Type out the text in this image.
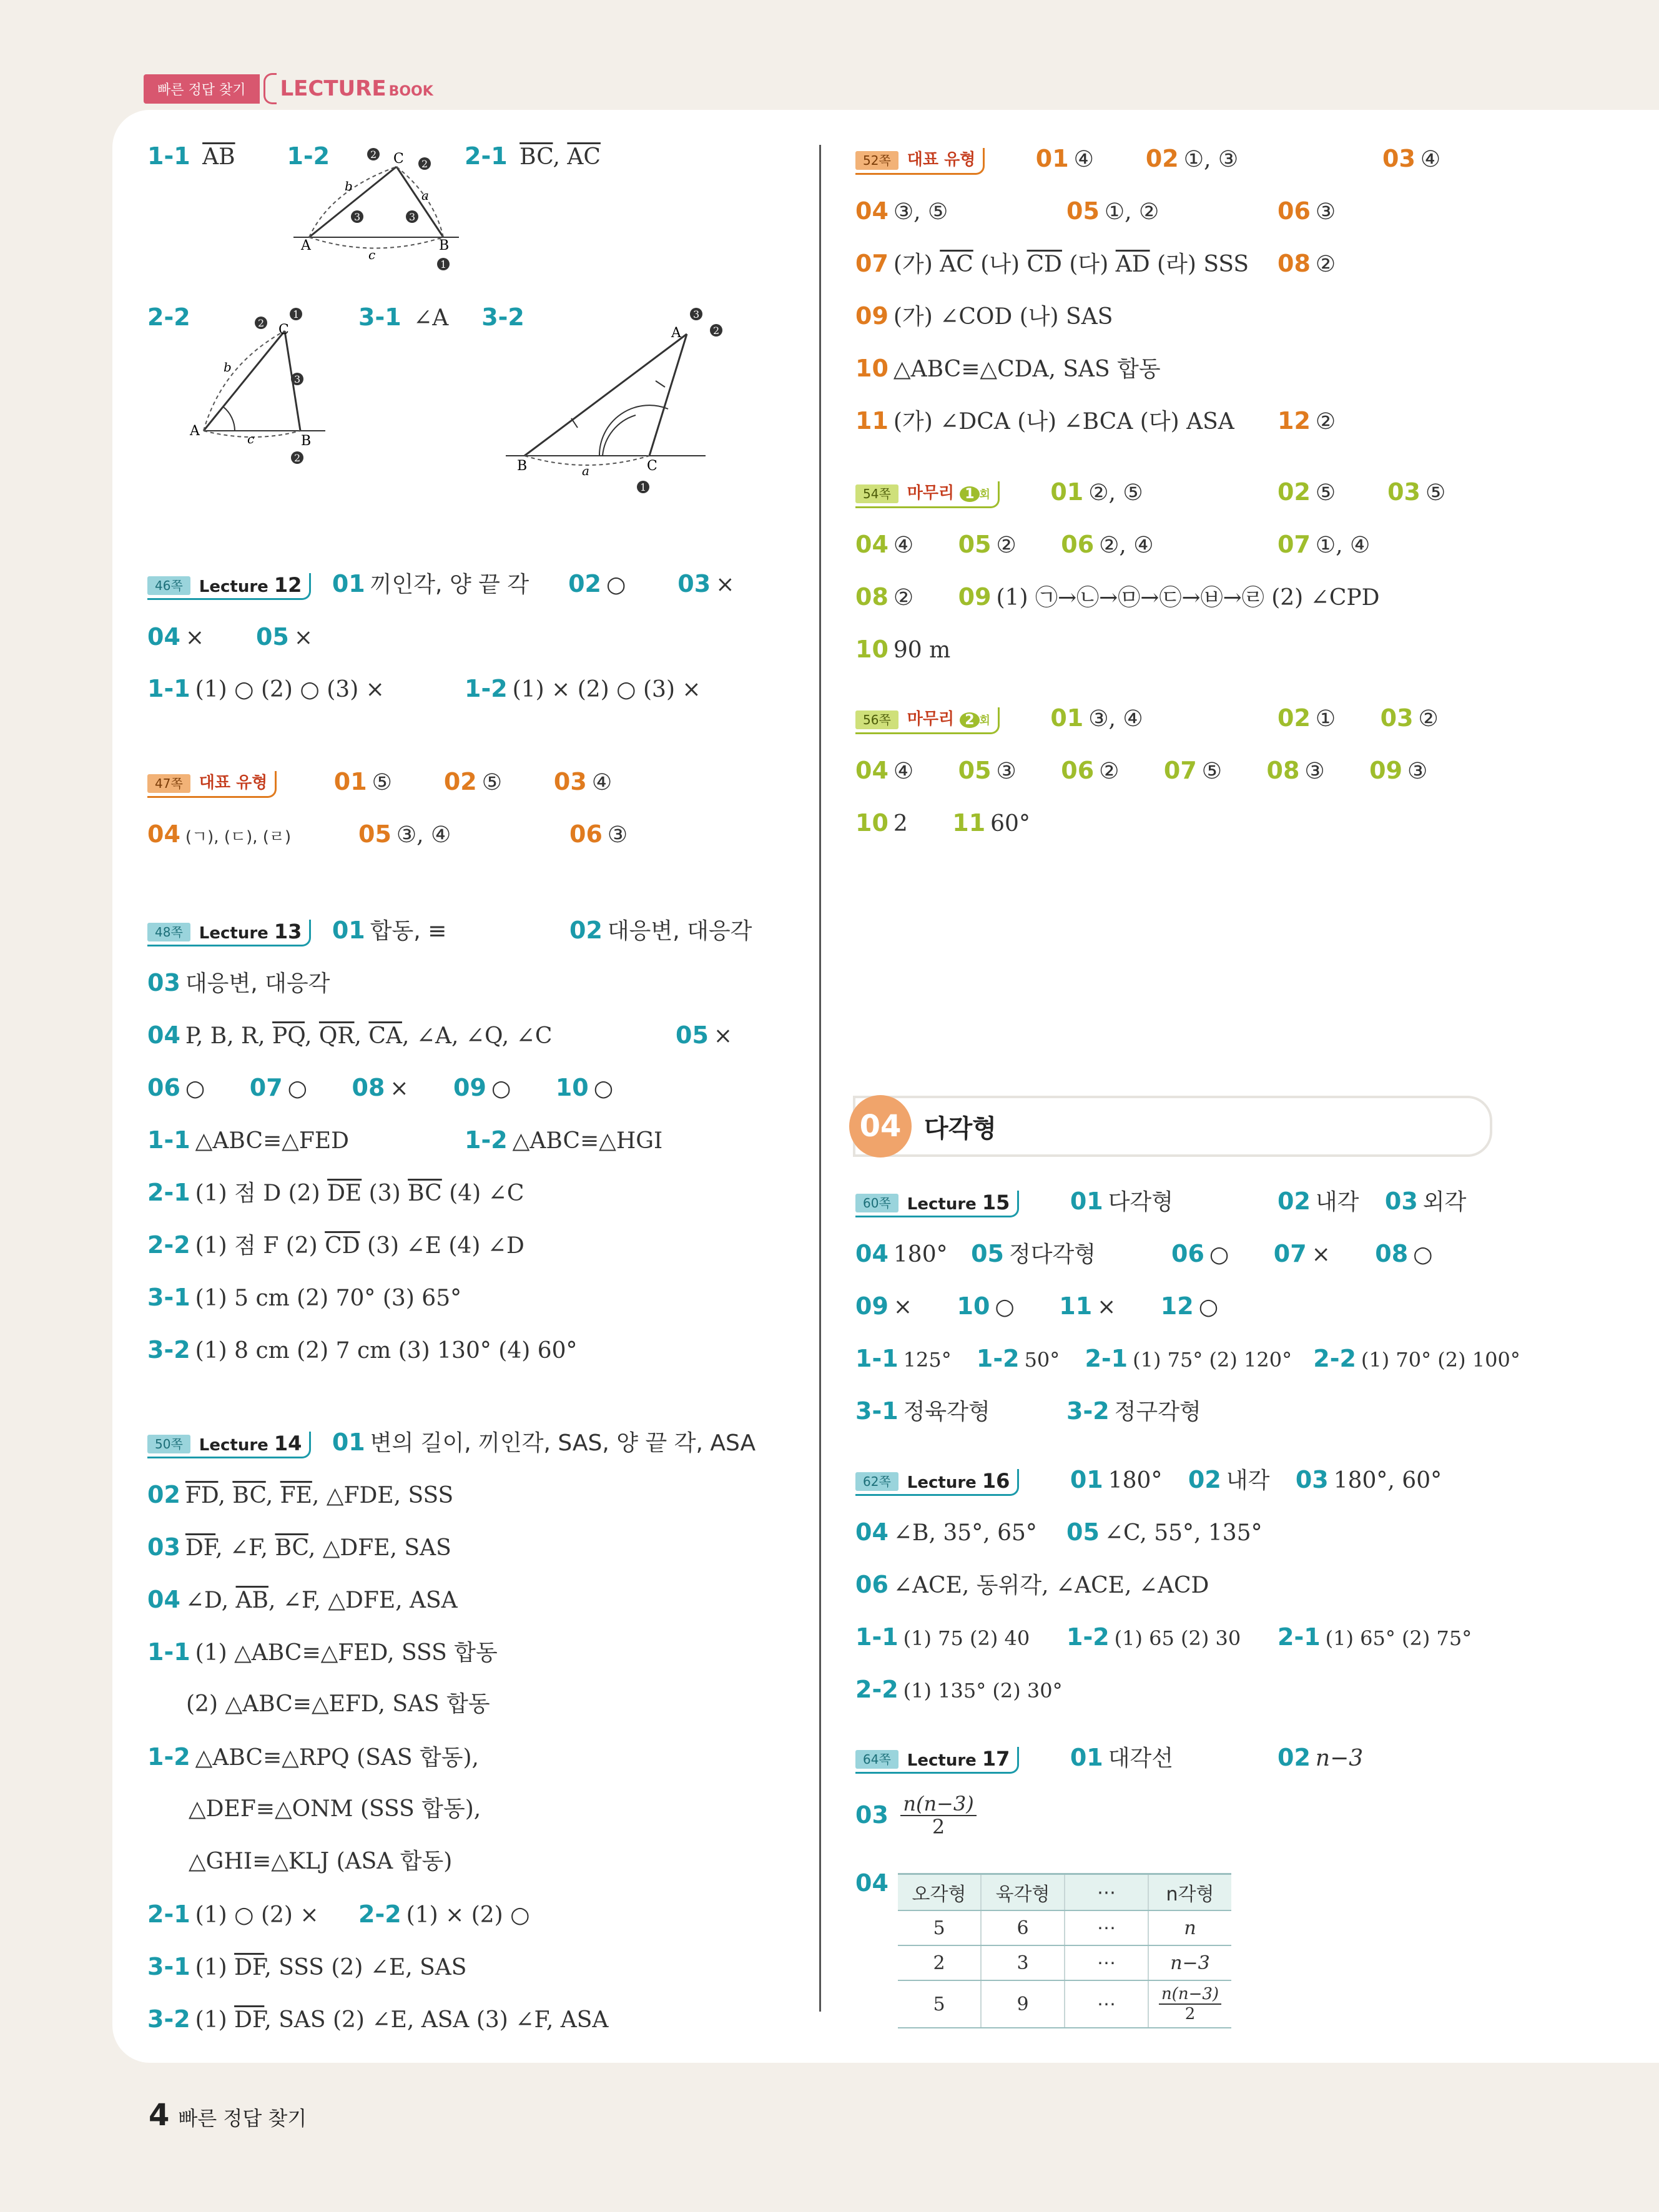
빠른 정답 찾기	LECTURE BOOK
1-1 $\overline{AB}$ 1-2
A	B
C
c
b
a
1
2
2
3	3
2-1 $\overline{BC}$, $\overline{AC}$
2-2
A
B
C
c
b
1
2
2
3
3-1 ∠A 3-2
B	C
A
a
3
2
1
46쪽	Lecture 12 01 끼인각, 양 끝 각 02 ○ 03 ×
04 × 05 ×
1-1 (1) ○ (2) ○ (3) ×	1-2 (1) × (2) ○ (3) ×
47쪽	대표 유형	01 ⑤ 02 ⑤ 03 ④
04 (ㄱ), (ㄷ), (ㄹ)	05 ③, ④	06 ③
48쪽	Lecture 13 01 합동, ≡	02 대응변, 대응각
03 대응변, 대응각
04 P, B, R, $\overline{PQ}$, $\overline{QR}$, $\overline{CA}$, ∠A, ∠Q, ∠C	05 ×
06 ○ 07 ○ 08 × 09 ○ 10 ○
1-1 △ABC≡△FED	1-2 △ABC≡△HGI
2-1 (1) 점 D (2) $\overline{DE}$ (3) $\overline{BC}$ (4) ∠C
2-2 (1) 점 F (2) $\overline{CD}$ (3) ∠E (4) ∠D
3-1 (1) 5 cm (2) 70° (3) 65°
3-2 (1) 8 cm (2) 7 cm (3) 130° (4) 60°
50쪽	Lecture 14 01 변의 길이, 끼인각, SAS, 양 끝 각, ASA
02 $\overline{FD}$, $\overline{BC}$, $\overline{FE}$, △FDE, SSS
03 $\overline{DF}$, ∠F, $\overline{BC}$, △DFE, SAS
04 ∠D, $\overline{AB}$, ∠F, △DFE, ASA
1-1 (1) △ABC≡△FED, SSS 합동
(2) △ABC≡△EFD, SAS 합동
1-2 △ABC≡△RPQ (SAS 합동),
△DEF≡△ONM (SSS 합동),
△GHI≡△KLJ (ASA 합동)
2-1 (1) ○ (2) × 2-2 (1) × (2) ○
3-1 (1) $\overline{DF}$, SSS (2) ∠E, SAS
3-2 (1) $\overline{DF}$, SAS (2) ∠E, ASA (3) ∠F, ASA
52쪽	대표 유형	01 ④ 02 ①, ③	03 ④
04 ③, ⑤	05 ①, ②	06 ③
07 (가) $\overline{AC}$ (나) $\overline{CD}$ (다) $\overline{AD}$ (라) SSS 08 ②
09 (가) ∠COD (나) SAS
10 △ABC≡△CDA, SAS 합동
11 (가) ∠DCA (나) ∠BCA (다) ASA 12 ②
54쪽	마무리 1 회	01 ②, ⑤	02 ⑤ 03 ⑤
04 ④ 05 ② 06 ②, ④	07 ①, ④
08 ② 09 (1) ㉠→㉡→㉤→㉢→㉥→㉣ (2) ∠CPD
10 90 m
56쪽	마무리 2 회	01 ③, ④	02 ① 03 ②
04 ④ 05 ③ 06 ② 07 ⑤ 08 ③ 09 ③
10 2 11 60°
04 다각형
60쪽	Lecture 15	01 다각형	02 내각 03 외각
04 180° 05 정다각형	06 ○ 07 × 08 ○
09 × 10 ○ 11 × 12 ○
1-1 125° 1-2 50° 2-1 (1) 75° (2) 120° 2-2 (1) 70° (2) 100°
3-1 정육각형	3-2 정구각형
62쪽	Lecture 16	01 180° 02 내각 03 180°, 60°
04 ∠B, 35°, 65° 05 ∠C, 55°, 135°
06 ∠ACE, 동위각, ∠ACE, ∠ACD
1-1 (1) 75 (2) 40 1-2 (1) 65 (2) 30 2-1 (1) 65° (2) 75°
2-2 (1) 135° (2) 30°
64쪽	Lecture 17	01 대각선	02 n−3
$03 \frac{n(n-3)}{2}$
04 오각형	육각형	⋯	n각형
5	6	⋯	n
2	3	⋯	n−3
5	9	⋯	$\frac{n(n-3)}{2}$
4 빠른 정답 찾기
